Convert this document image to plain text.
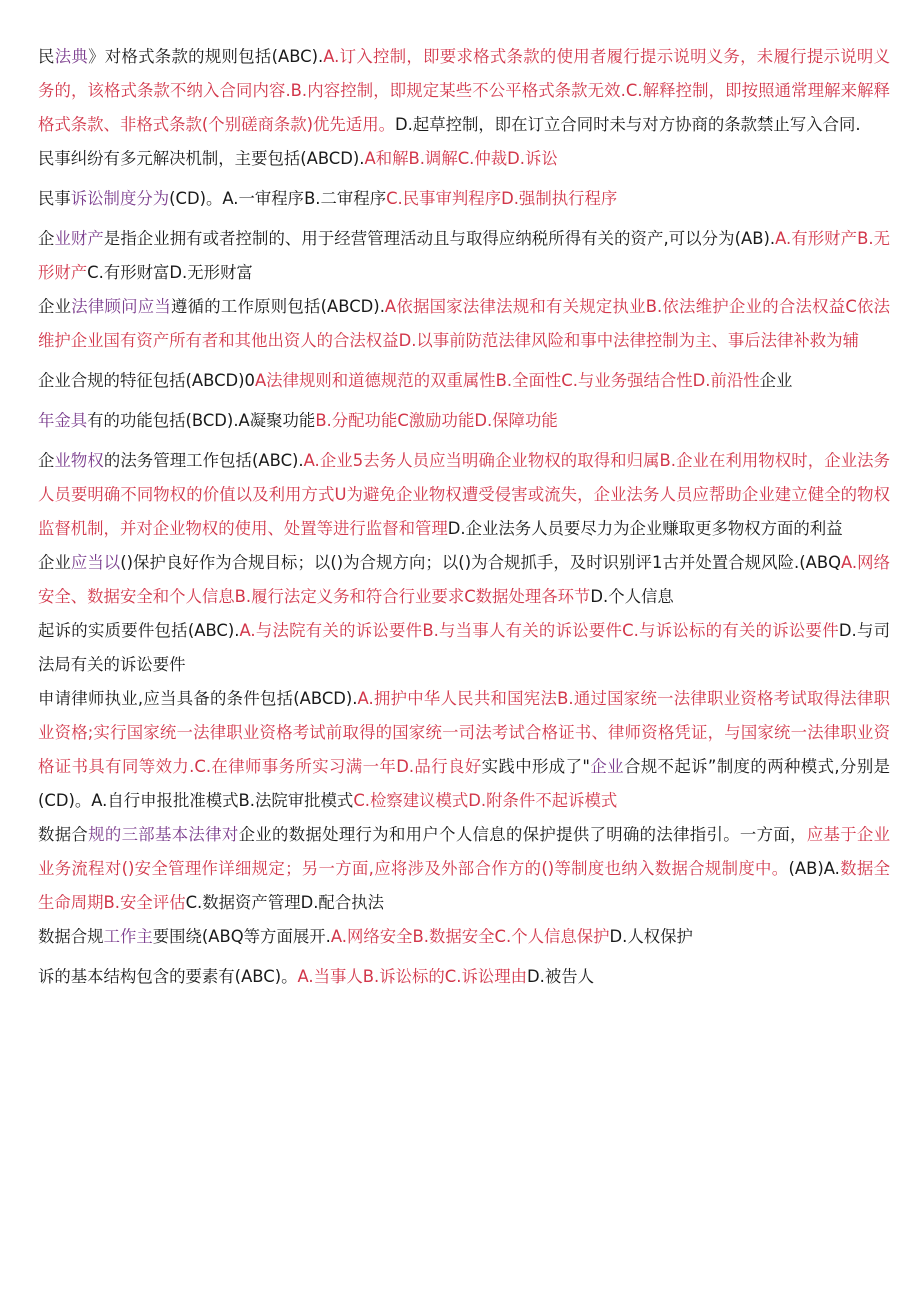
民法典》对格式条款的规则包括(ABC).A.订入控制，即要求格式条款的使用者履行提示说明义务，未履行提示说明义务的，该格式条款不纳入合同内容.B.内容控制，即规定某些不公平格式条款无效.C.解释控制，即按照通常理解来解释格式条款、非格式条款(个别磋商条款)优先适用。D.起草控制，即在订立合同时未与对方协商的条款禁止写入合同.

民事纠纷有多元解决机制，主要包括(ABCD).A和解B.调解C.仲裁D.诉讼

民事诉讼制度分为(CD)。A.一审程序B.二审程序C.民事审判程序D.强制执行程序

企业财产是指企业拥有或者控制的、用于经营管理活动且与取得应纳税所得有关的资产,可以分为(AB).A.有形财产B.无形财产C.有形财富D.无形财富

企业法律顾问应当遵循的工作原则包括(ABCD).A依据国家法律法规和有关规定执业B.依法维护企业的合法权益C依法维护企业国有资产所有者和其他出资人的合法权益D.以事前防范法律风险和事中法律控制为主、事后法律补救为辅

企业合规的特征包括(ABCD)0A法律规则和道德规范的双重属性B.全面性C.与业务强结合性D.前沿性企业

年金具有的功能包括(BCD).A凝聚功能B.分配功能C激励功能D.保障功能

企业物权的法务管理工作包括(ABC).A.企业5去务人员应当明确企业物权的取得和归属B.企业在利用物权时，企业法务人员要明确不同物权的价值以及利用方式U为避免企业物权遭受侵害或流失，企业法务人员应帮助企业建立健全的物权监督机制，并对企业物权的使用、处置等进行监督和管理D.企业法务人员要尽力为企业赚取更多物权方面的利益

企业应当以()保护良好作为合规目标；以()为合规方向；以()为合规抓手，及时识别评1古并处置合规风险.(ABQA.网络安全、数据安全和个人信息B.履行法定义务和符合行业要求C数据处理各环节D.个人信息

起诉的实质要件包括(ABC).A.与法院有关的诉讼要件B.与当事人有关的诉讼要件C.与诉讼标的有关的诉讼要件D.与司法局有关的诉讼要件

申请律师执业,应当具备的条件包括(ABCD).A.拥护中华人民共和国宪法B.通过国家统一法律职业资格考试取得法律职业资格;实行国家统一法律职业资格考试前取得的国家统一司法考试合格证书、律师资格凭证，与国家统一法律职业资格证书具有同等效力.C.在律师事务所实习满一年D.品行良好实践中形成了"企业合规不起诉”制度的两种模式,分别是(CD)。A.自行申报批准模式B.法院审批模式C.检察建议模式D.附条件不起诉模式

数据合规的三部基本法律对企业的数据处理行为和用户个人信息的保护提供了明确的法律指引。一方面，应基于企业业务流程对()安全管理作详细规定；另一方面,应将涉及外部合作方的()等制度也纳入数据合规制度中。(AB)A.数据全生命周期B.安全评估C.数据资产管理D.配合执法

数据合规工作主要围绕(ABQ等方面展开.A.网络安全B.数据安全C.个人信息保护D.人权保护

诉的基本结构包含的要素有(ABC)。A.当事人B.诉讼标的C.诉讼理由D.被告人
